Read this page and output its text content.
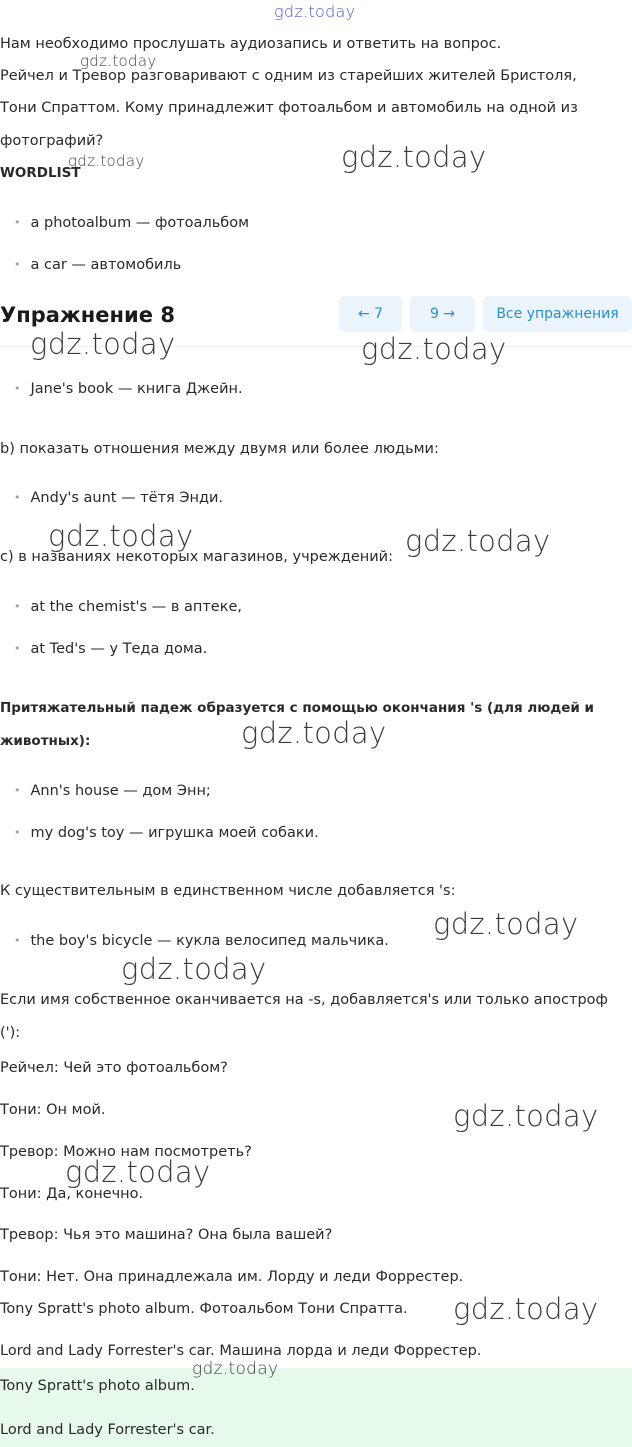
gdz.today
Нам необходимо прослушать аудиозапись и ответить на вопрос.
Рейчел и Тревор разговаривают с одним из старейших жителей Бристоля,
Тони Спраттом. Кому принадлежит фотоальбом и автомобиль на одной из
фотографий?
gdz.today
WORDLIST
gdz.today	gdz.today
• a photoalbum — фотоальбом
• a car — автомобиль
Упражнение 8	← 7	9 →	Все упражнения
gdz.today	gdz.today
• Jane's book — книга Джейн.
b) показать отношения между двумя или более людьми:
• Andy's aunt — тётя Энди.
c) в названиях некоторых магазинов, учреждений:
gdz.today	gdz.today
• at the chemist's — в аптеке,
• at Ted's — у Теда дома.
Притяжательный падеж образуется с помощью окончания 's (для людей и
животных):	gdz.today
• Ann's house — дом Энн;
• my dog's toy — игрушка моей собаки.
К существительным в единственном числе добавляется 's:
gdz.today
• the boy's bicycle — кукла велосипед мальчика.
gdz.today
Если имя собственное оканчивается на -s, добавляется's или только апостроф
('):
Рейчел: Чей это фотоальбом?
Тони: Он мой.	gdz.today
Тревор: Можно нам посмотреть?
gdz.today
Тони: Да, конечно.
Тревор: Чья это машина? Она была вашей?
Тони: Нет. Она принадлежала им. Лорду и леди Форрестер.
Tony Spratt's photo album. Фотоальбом Тони Спратта. gdz.today
Lord and Lady Forrester's car. Машина лорда и леди Форрестер.
gdz.today
Tony Spratt's photo album.
Lord and Lady Forrester's car.
